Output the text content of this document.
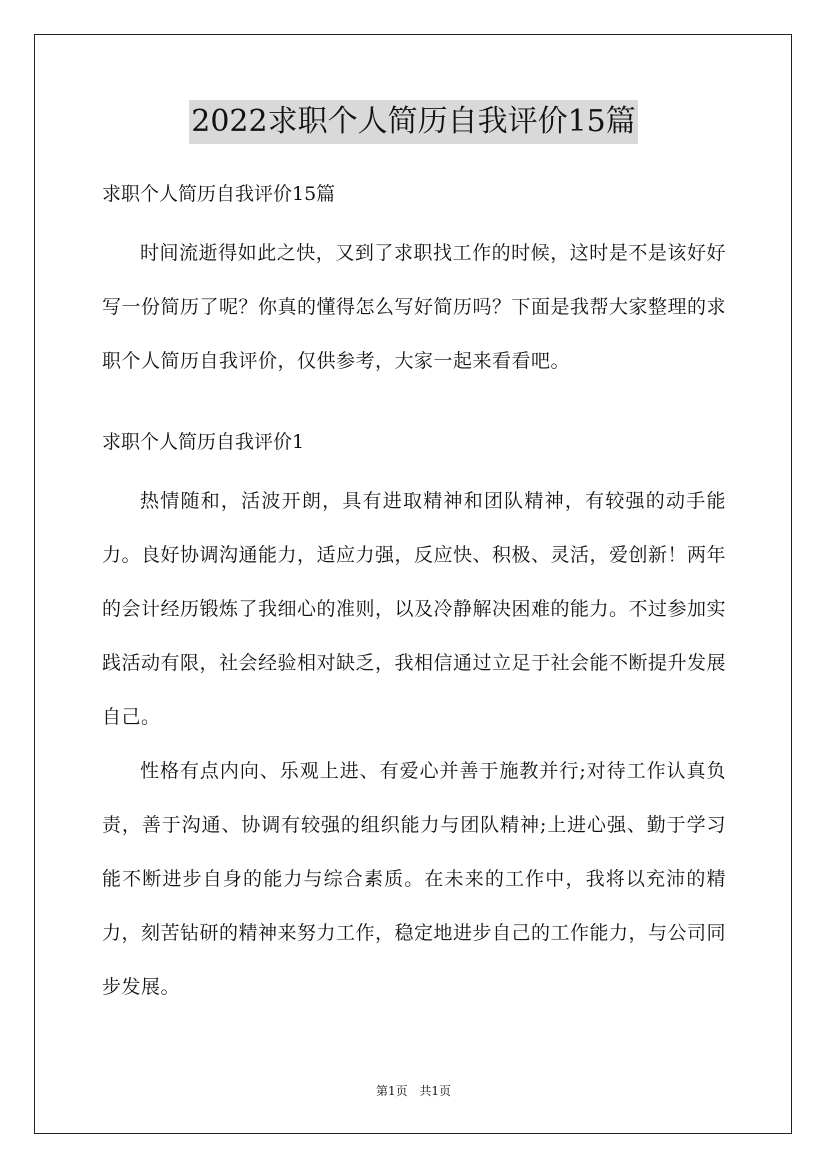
2022求职个人简历自我评价15篇

求职个人简历自我评价15篇

时间流逝得如此之快，又到了求职找工作的时候，这时是不是该好好写一份简历了呢？你真的懂得怎么写好简历吗？下面是我帮大家整理的求职个人简历自我评价，仅供参考，大家一起来看看吧。

求职个人简历自我评价1

热情随和，活波开朗，具有进取精神和团队精神，有较强的动手能力。良好协调沟通能力，适应力强，反应快、积极、灵活，爱创新！两年的会计经历锻炼了我细心的准则，以及冷静解决困难的能力。不过参加实践活动有限，社会经验相对缺乏，我相信通过立足于社会能不断提升发展自己。

性格有点内向、乐观上进、有爱心并善于施教并行;对待工作认真负责，善于沟通、协调有较强的组织能力与团队精神;上进心强、勤于学习能不断进步自身的能力与综合素质。在未来的工作中，我将以充沛的精力，刻苦钻研的精神来努力工作，稳定地进步自己的工作能力，与公司同步发展。

第1页 共1页
